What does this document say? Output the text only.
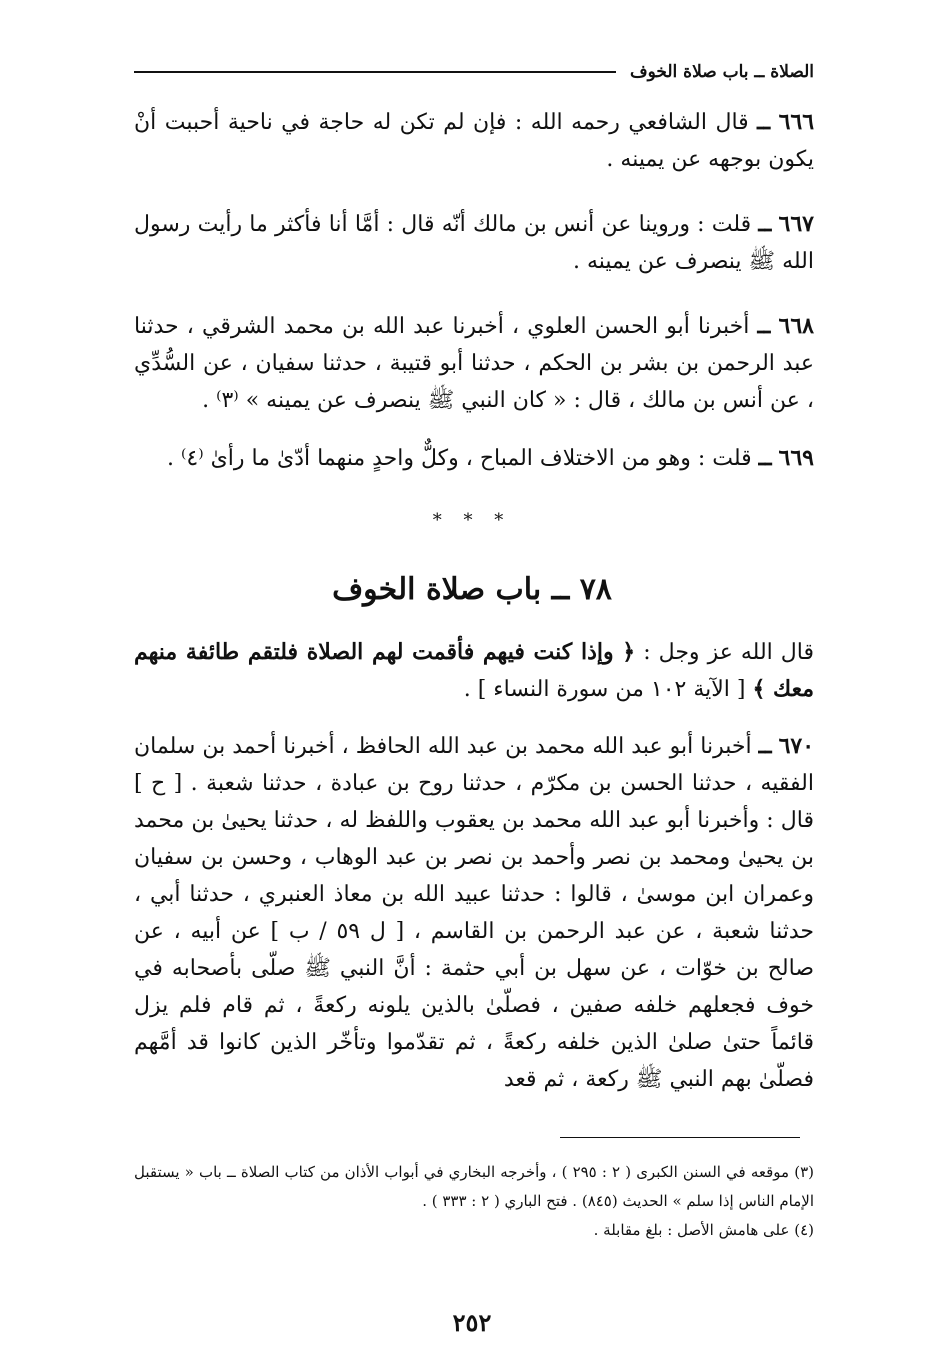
الصلاة ــ باب صلاة الخوف

٦٦٦ ــ قال الشافعي رحمه الله : فإن لم تكن له حاجة في ناحية أحببت أنْ يكون بوجهه عن يمينه .

٦٦٧ ــ قلت : وروينا عن أنس بن مالك أنّه قال : أمَّا أنا فأكثر ما رأيت رسول الله ﷺ ينصرف عن يمينه .

٦٦٨ ــ أخبرنا أبو الحسن العلوي ، أخبرنا عبد الله بن محمد الشرقي ، حدثنا عبد الرحمن بن بشر بن الحكم ، حدثنا أبو قتيبة ، حدثنا سفيان ، عن السُّدِّي ، عن أنس بن مالك ، قال : « كان النبي ﷺ ينصرف عن يمينه » ⁽٣⁾ .

٦٦٩ ــ قلت : وهو من الاختلاف المباح ، وكلٌّ واحدٍ منهما أدّىٰ ما رأىٰ ⁽٤⁾ .

* * *
٧٨ ــ باب صلاة الخوف

قال الله عز وجل : ﴿ وإذا كنت فيهم فأقمت لهم الصلاة فلتقم طائفة منهم معك ﴾ [ الآية ١٠٢ من سورة النساء ] .

٦٧٠ ــ أخبرنا أبو عبد الله محمد بن عبد الله الحافظ ، أخبرنا أحمد بن سلمان الفقيه ، حدثنا الحسن بن مكرّم ، حدثنا روح بن عبادة ، حدثنا شعبة . [ ح ] قال : وأخبرنا أبو عبد الله محمد بن يعقوب واللفظ له ، حدثنا يحيىٰ بن محمد بن يحيىٰ ومحمد بن نصر وأحمد بن نصر بن عبد الوهاب ، وحسن بن سفيان وعمران ابن موسىٰ ، قالوا : حدثنا عبيد الله بن معاذ العنبري ، حدثنا أبي ، حدثنا شعبة ، عن عبد الرحمن بن القاسم ، [ ل ٥٩ / ب ] عن أبيه ، عن صالح بن خوّات ، عن سهل بن أبي حثمة : أنَّ النبي ﷺ صلّى بأصحابه في خوف فجعلهم خلفه صفين ، فصلّىٰ بالذين يلونه ركعةً ، ثم قام فلم يزل قائماً حتىٰ صلىٰ الذين خلفه ركعةً ، ثم تقدّموا وتأخّر الذين كانوا قد أمَّهم فصلّىٰ بهم النبي ﷺ ركعة ، ثم قعد

(٣) موقعه في السنن الكبرى ( ٢ : ٢٩٥ ) ، وأخرجه البخاري في أبواب الأذان من كتاب الصلاة ــ باب « يستقبل الإمام الناس إذا سلم » الحديث (٨٤٥) . فتح الباري ( ٢ : ٣٣٣ ) .

(٤) على هامش الأصل : بلغ مقابلة .

٢٥٢
